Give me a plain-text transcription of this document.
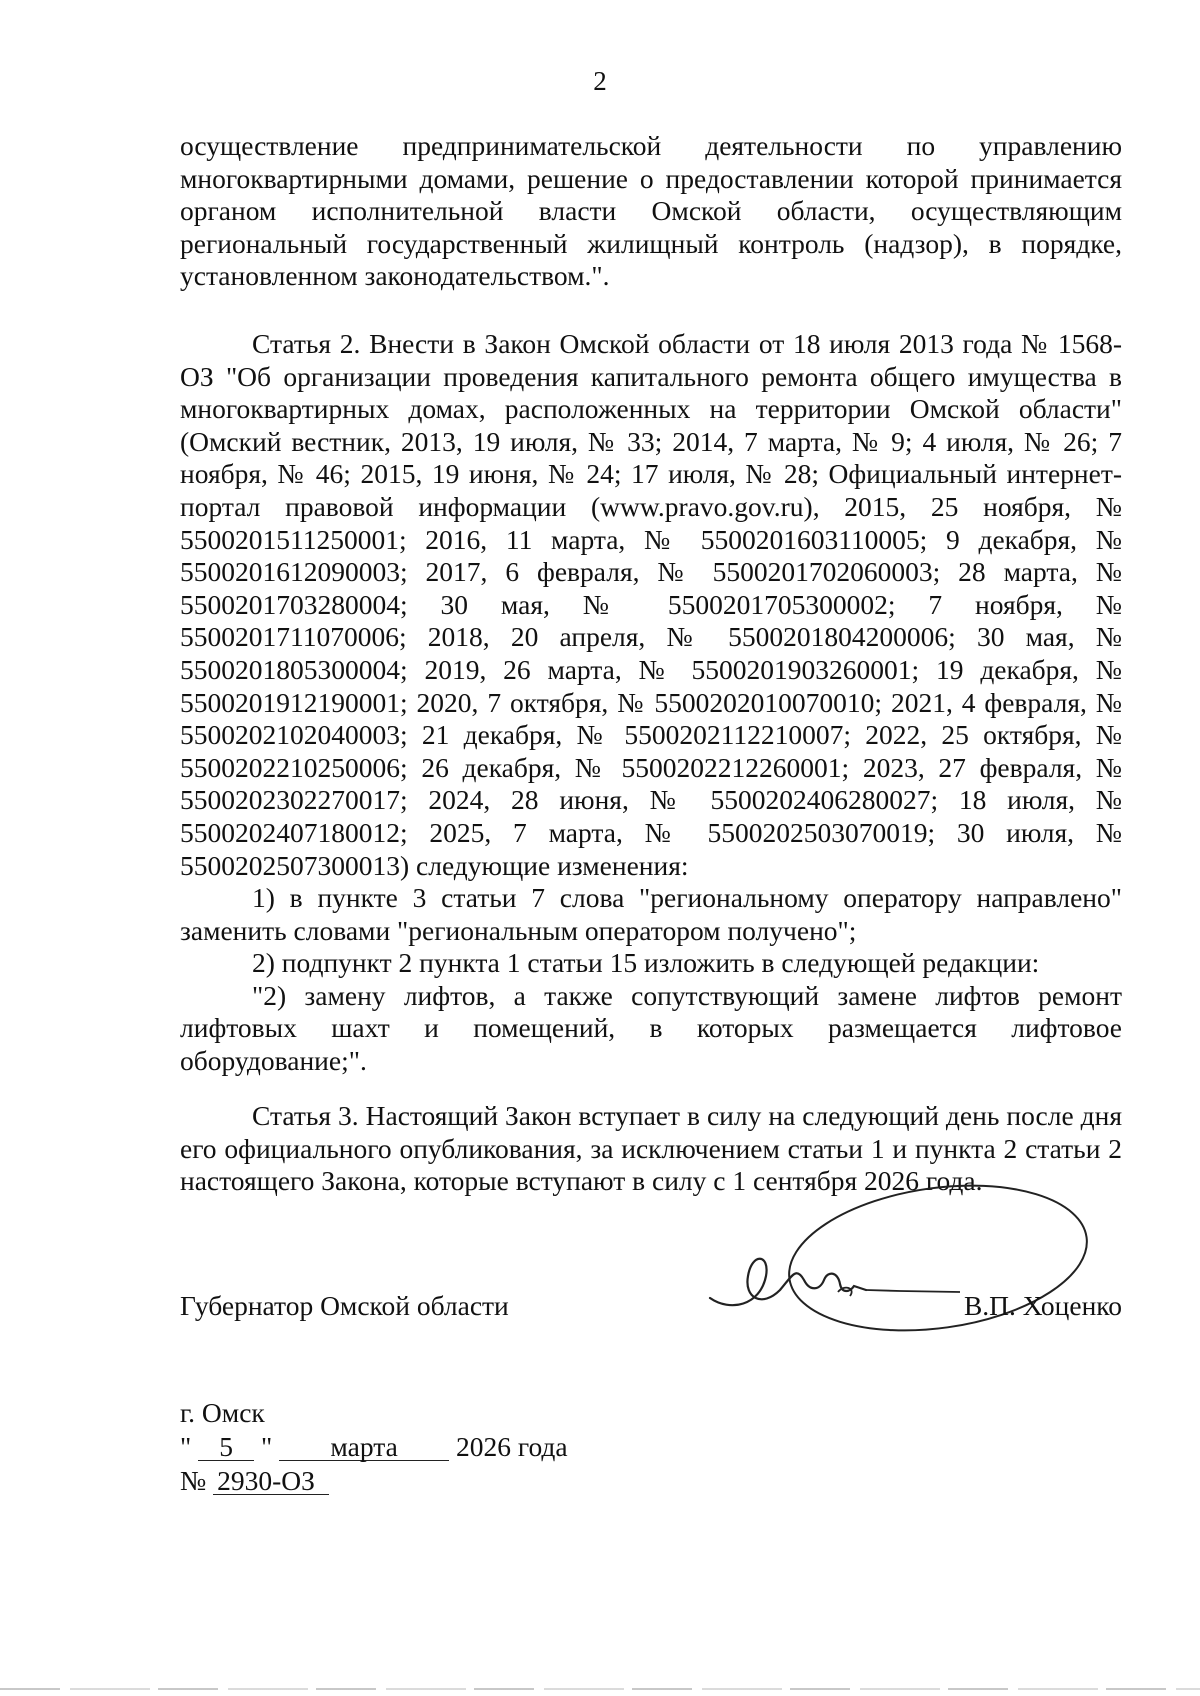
2

осуществление предпринимательской деятельности по управлению многоквартирными домами, решение о предоставлении которой принимается органом исполнительной власти Омской области, осуществляющим региональный государственный жилищный контроль (надзор), в порядке, установленном законодательством.".

Статья 2. Внести в Закон Омской области от 18 июля 2013 года № 1568-ОЗ "Об организации проведения капитального ремонта общего имущества в многоквартирных домах, расположенных на территории Омской области" (Омский вестник, 2013, 19 июля, № 33; 2014, 7 марта, № 9; 4 июля, № 26; 7 ноября, № 46; 2015, 19 июня, № 24; 17 июля, № 28; Официальный интернет-портал правовой информации (www.pravo.gov.ru), 2015, 25 ноября, № 5500201511250001; 2016, 11 марта, № 5500201603110005; 9 декабря, № 5500201612090003; 2017, 6 февраля, № 5500201702060003; 28 марта, № 5500201703280004; 30 мая, № 5500201705300002; 7 ноября, № 5500201711070006; 2018, 20 апреля, № 5500201804200006; 30 мая, № 5500201805300004; 2019, 26 марта, № 5500201903260001; 19 декабря, № 5500201912190001; 2020, 7 октября, № 5500202010070010; 2021, 4 февраля, № 5500202102040003; 21 декабря, № 5500202112210007; 2022, 25 октября, № 5500202210250006; 26 декабря, № 5500202212260001; 2023, 27 февраля, № 5500202302270017; 2024, 28 июня, № 5500202406280027; 18 июля, № 5500202407180012; 2025, 7 марта, № 5500202503070019; 30 июля, № 5500202507300013) следующие изменения:

1) в пункте 3 статьи 7 слова "региональному оператору направлено" заменить словами "региональным оператором получено";

2) подпункт 2 пункта 1 статьи 15 изложить в следующей редакции:

"2) замену лифтов, а также сопутствующий замене лифтов ремонт лифтовых шахт и помещений, в которых размещается лифтовое оборудование;".

Статья 3. Настоящий Закон вступает в силу на следующий день после дня его официального опубликования, за исключением статьи 1 и пункта 2 статьи 2 настоящего Закона, которые вступают в силу с 1 сентября 2026 года.

Губернатор Омской области	В.П. Хоценко
г. Омск
" 5 " марта 2026 года
№ 2930-ОЗ
